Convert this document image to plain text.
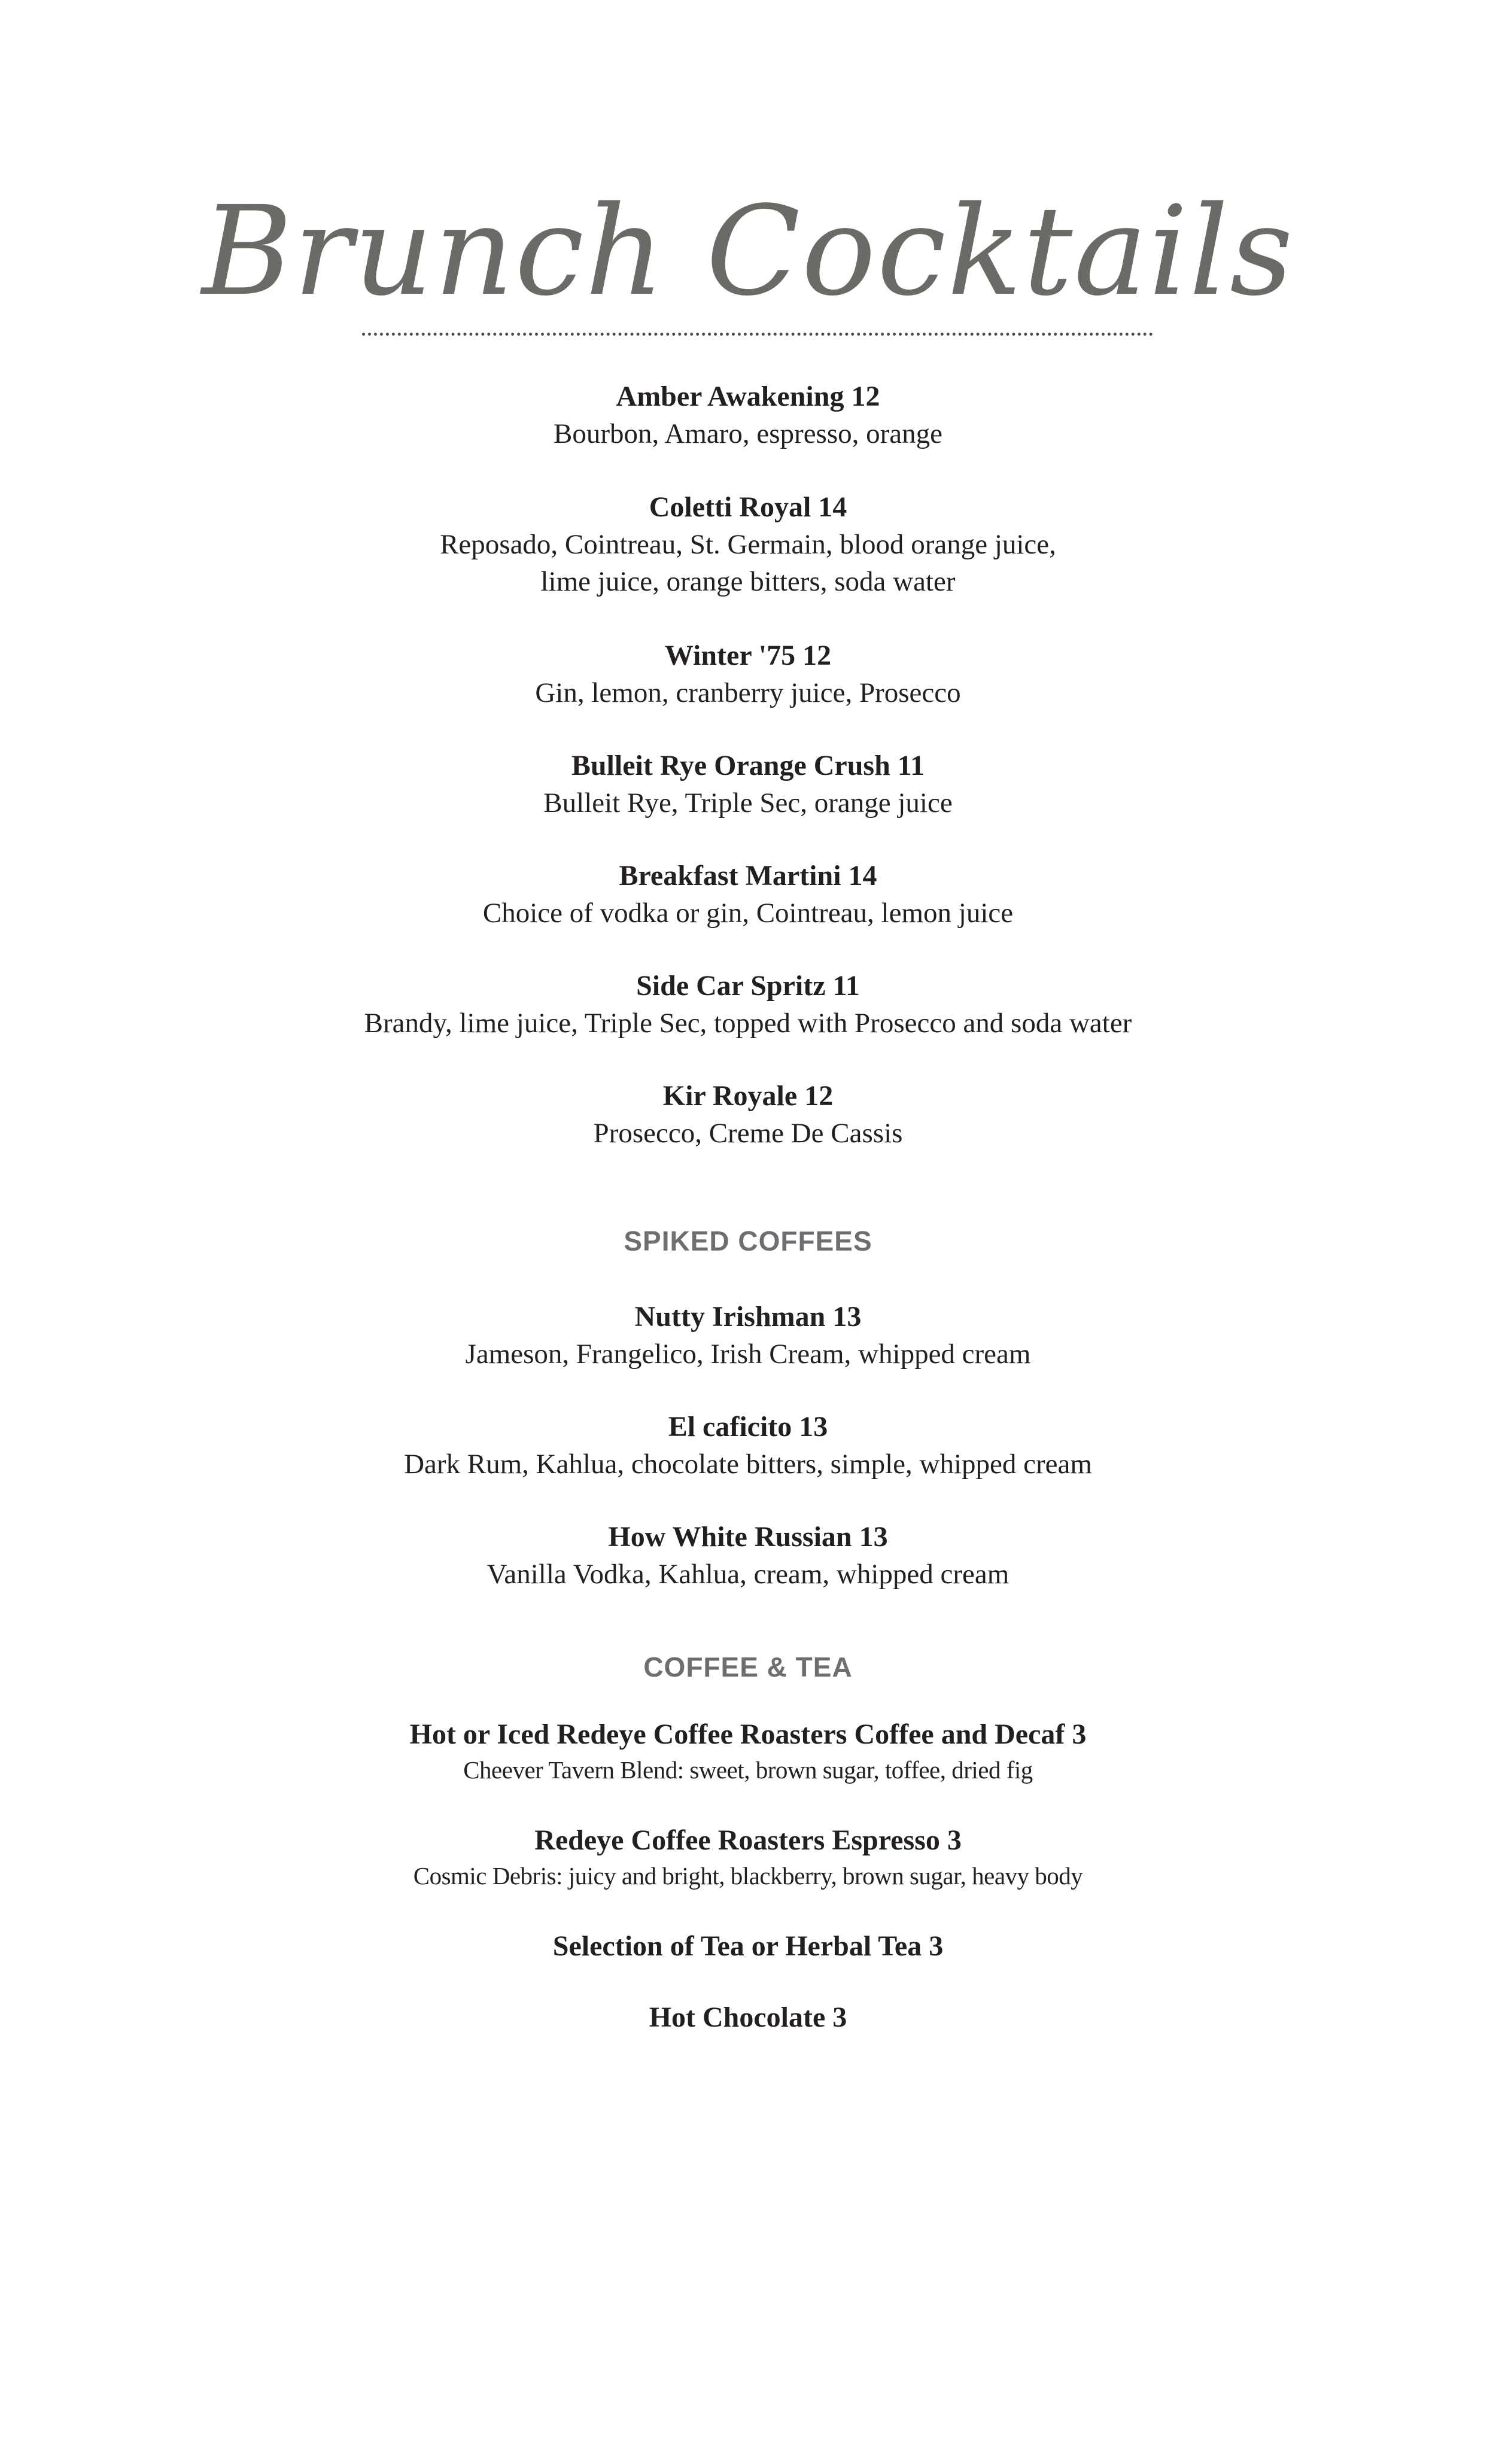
Brunch Cocktails
Amber Awakening 12
Bourbon, Amaro, espresso, orange
Coletti Royal 14
Reposado, Cointreau, St. Germain, blood orange juice,
lime juice, orange bitters, soda water
Winter '75 12
Gin, lemon, cranberry juice, Prosecco
Bulleit Rye Orange Crush 11
Bulleit Rye, Triple Sec, orange juice
Breakfast Martini 14
Choice of vodka or gin, Cointreau, lemon juice
Side Car Spritz 11
Brandy, lime juice, Triple Sec, topped with Prosecco and soda water
Kir Royale 12
Prosecco, Creme De Cassis
SPIKED COFFEES
Nutty Irishman 13
Jameson, Frangelico, Irish Cream, whipped cream
El caficito 13
Dark Rum, Kahlua, chocolate bitters, simple, whipped cream
How White Russian 13
Vanilla Vodka, Kahlua, cream, whipped cream
COFFEE & TEA
Hot or Iced Redeye Coffee Roasters Coffee and Decaf 3
Cheever Tavern Blend: sweet, brown sugar, toffee, dried fig
Redeye Coffee Roasters Espresso 3
Cosmic Debris: juicy and bright, blackberry, brown sugar, heavy body
Selection of Tea or Herbal Tea 3
Hot Chocolate 3
